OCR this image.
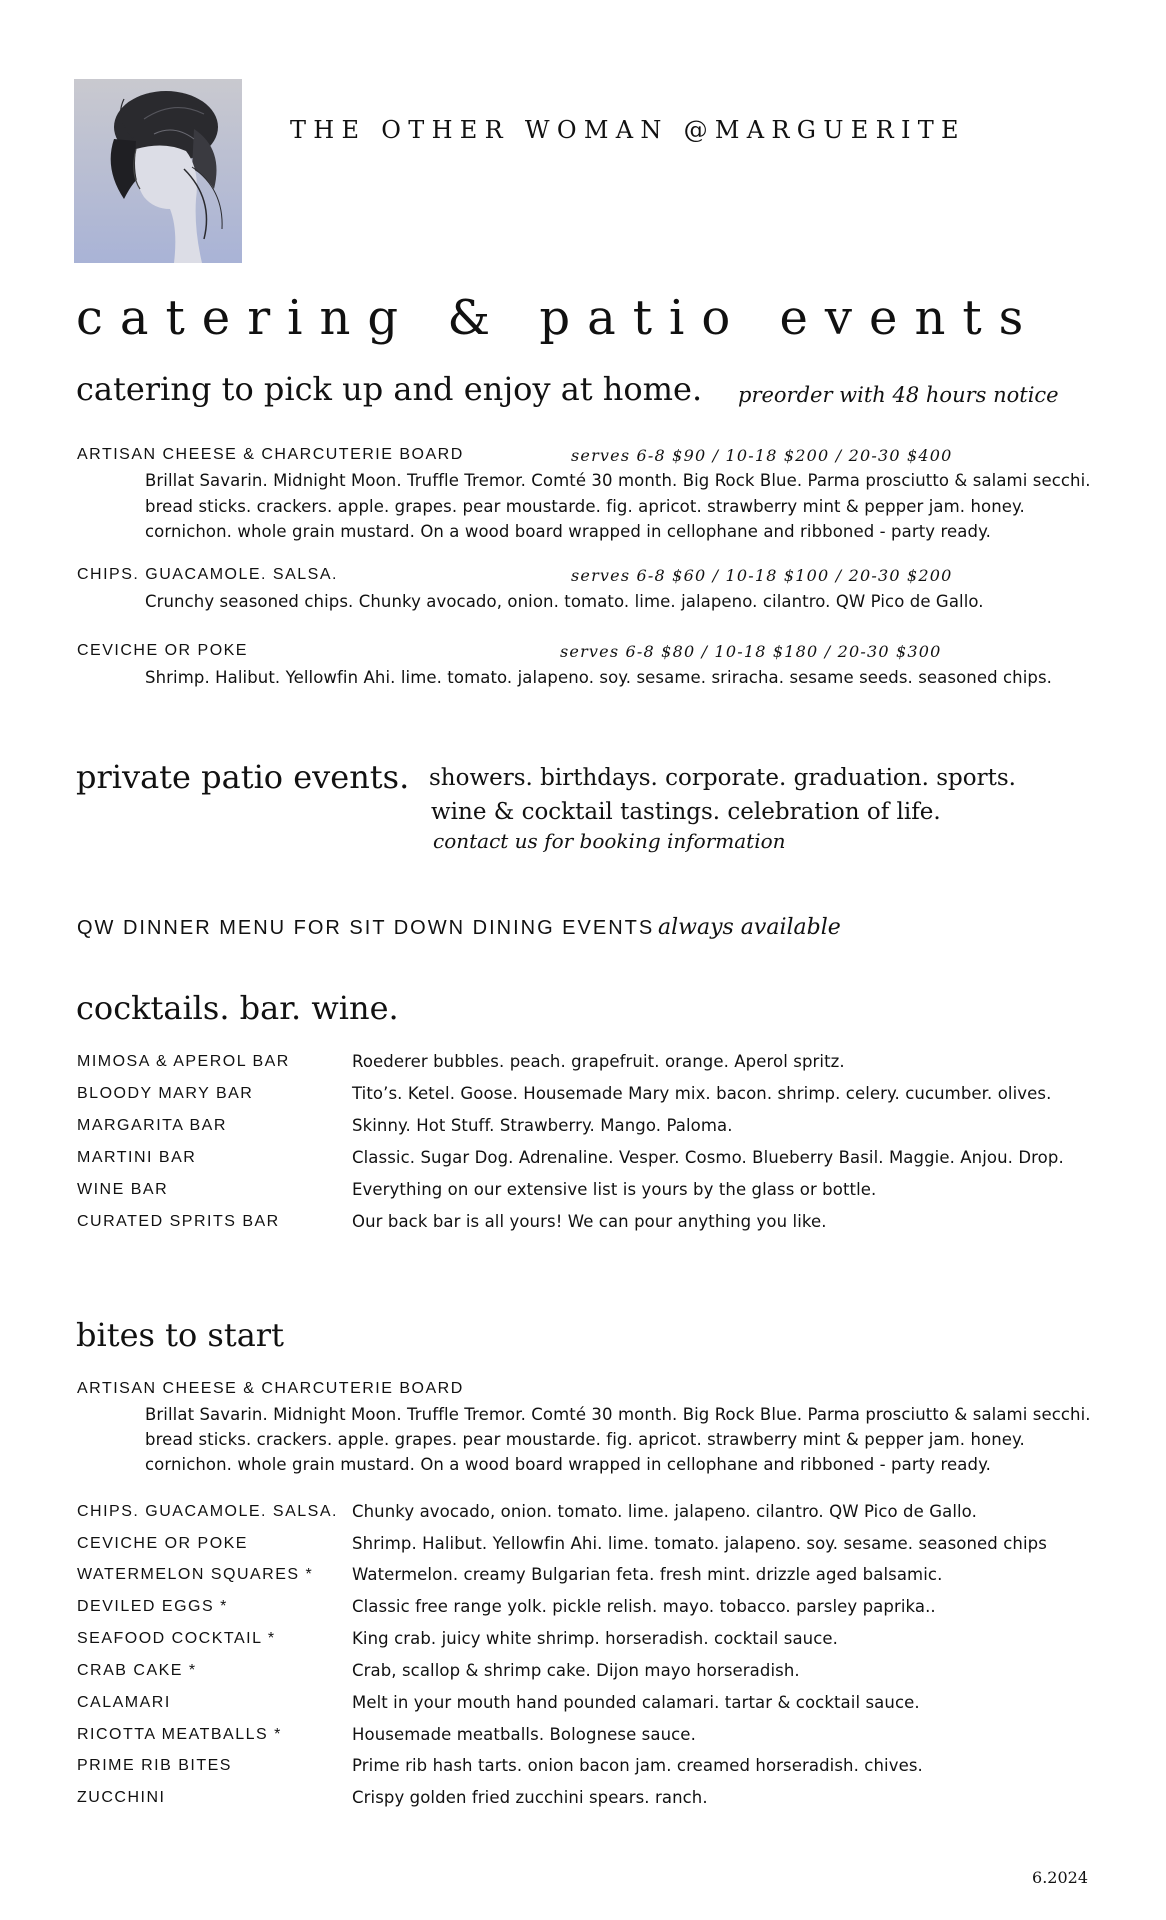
THE OTHER WOMAN @MARGUERITE
catering & patio events
catering to pick up and enjoy at home. preorder with 48 hours notice
ARTISAN CHEESE & CHARCUTERIE BOARD	serves 6-8 $90 / 10-18 $200 / 20-30 $400
Brillat Savarin. Midnight Moon. Truffle Tremor. Comté 30 month. Big Rock Blue. Parma prosciutto & salami secchi.
bread sticks. crackers. apple. grapes. pear moustarde. fig. apricot. strawberry mint & pepper jam. honey.
cornichon. whole grain mustard. On a wood board wrapped in cellophane and ribboned - party ready.
CHIPS. GUACAMOLE. SALSA.	serves 6-8 $60 / 10-18 $100 / 20-30 $200
Crunchy seasoned chips. Chunky avocado, onion. tomato. lime. jalapeno. cilantro. QW Pico de Gallo.
CEVICHE OR POKE	serves 6-8 $80 / 10-18 $180 / 20-30 $300
Shrimp. Halibut. Yellowfin Ahi. lime. tomato. jalapeno. soy. sesame. sriracha. sesame seeds. seasoned chips.
private patio events. showers. birthdays. corporate. graduation. sports.
wine & cocktail tastings. celebration of life.
contact us for booking information
QW DINNER MENU FOR SIT DOWN DINING EVENTS always available
cocktails. bar. wine.
MIMOSA & APEROL BAR	Roederer bubbles. peach. grapefruit. orange. Aperol spritz.
BLOODY MARY BAR	Tito’s. Ketel. Goose. Housemade Mary mix. bacon. shrimp. celery. cucumber. olives.
MARGARITA BAR	Skinny. Hot Stuff. Strawberry. Mango. Paloma.
MARTINI BAR	Classic. Sugar Dog. Adrenaline. Vesper. Cosmo. Blueberry Basil. Maggie. Anjou. Drop.
WINE BAR	Everything on our extensive list is yours by the glass or bottle.
CURATED SPRITS BAR	Our back bar is all yours! We can pour anything you like.
bites to start
ARTISAN CHEESE & CHARCUTERIE BOARD
Brillat Savarin. Midnight Moon. Truffle Tremor. Comté 30 month. Big Rock Blue. Parma prosciutto & salami secchi.
bread sticks. crackers. apple. grapes. pear moustarde. fig. apricot. strawberry mint & pepper jam. honey.
cornichon. whole grain mustard. On a wood board wrapped in cellophane and ribboned - party ready.
CHIPS. GUACAMOLE. SALSA. Chunky avocado, onion. tomato. lime. jalapeno. cilantro. QW Pico de Gallo.
CEVICHE OR POKE	Shrimp. Halibut. Yellowfin Ahi. lime. tomato. jalapeno. soy. sesame. seasoned chips
WATERMELON SQUARES * Watermelon. creamy Bulgarian feta. fresh mint. drizzle aged balsamic.
DEVILED EGGS *	Classic free range yolk. pickle relish. mayo. tobacco. parsley paprika..
SEAFOOD COCKTAIL *	King crab. juicy white shrimp. horseradish. cocktail sauce.
CRAB CAKE *	Crab, scallop & shrimp cake. Dijon mayo horseradish.
CALAMARI	Melt in your mouth hand pounded calamari. tartar & cocktail sauce.
RICOTTA MEATBALLS *	Housemade meatballs. Bolognese sauce.
PRIME RIB BITES	Prime rib hash tarts. onion bacon jam. creamed horseradish. chives.
ZUCCHINI	Crispy golden fried zucchini spears. ranch.
6.2024
